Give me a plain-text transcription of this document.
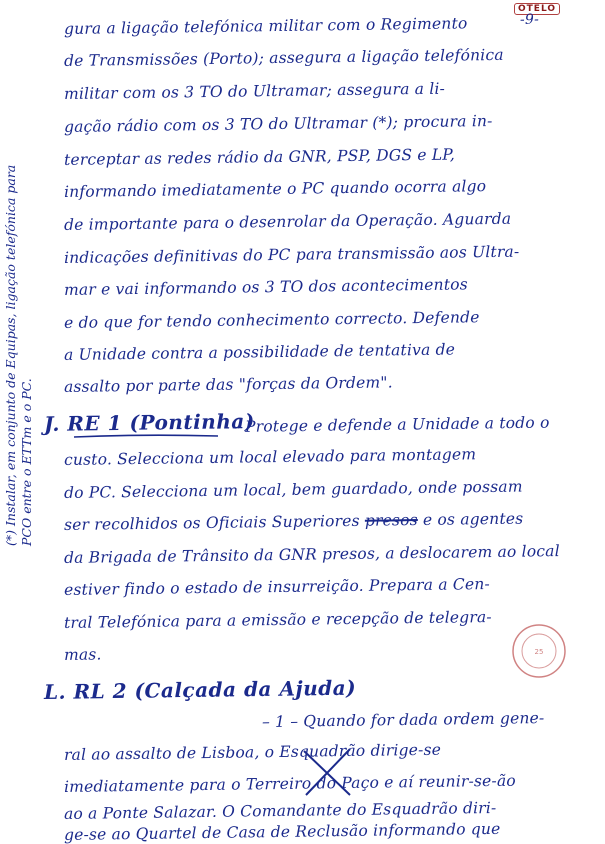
OTELO
-9-
(*) Instalar, em conjunto de Equipas, ligação telefónica para PCO entre o ETTm e o PC.
gura a ligação telefónica militar com o Regimento
de Transmissões (Porto); assegura a ligação telefónica
militar com os 3 TO do Ultramar; assegura a li-
gação rádio com os 3 TO do Ultramar (*); procura in-
terceptar as redes rádio da GNR, PSP, DGS e LP,
informando imediatamente o PC quando ocorra algo
de importante para o desenrolar da Operação. Aguarda
indicações definitivas do PC para transmissão aos Ultra-
mar e vai informando os 3 TO dos acontecimentos
e do que for tendo conhecimento correcto. Defende
a Unidade contra a possibilidade de tentativa de
assalto por parte das "forças da Ordem".
J. RE 1 (Pontinha)
– Protege e defende a Unidade a todo o
custo. Selecciona um local elevado para montagem
do PC. Selecciona um local, bem guardado, onde possam
ser recolhidos os Oficiais Superiores presos e os agentes
da Brigada de Trânsito da GNR presos, a deslocarem ao local
estiver findo o estado de insurreição. Prepara a Cen-
tral Telefónica para a emissão e recepção de telegra-
mas.
L. RL 2 (Calçada da Ajuda)
– 1 – Quando for dada ordem gene-
ral ao assalto de Lisboa, o Esquadrão dirige-se
imediatamente para o Terreiro do Paço e aí reunir-se-ão
ao a Ponte Salazar. O Comandante do Esquadrão diri-
ge-se ao Quartel de Casa de Reclusão informando que
25
